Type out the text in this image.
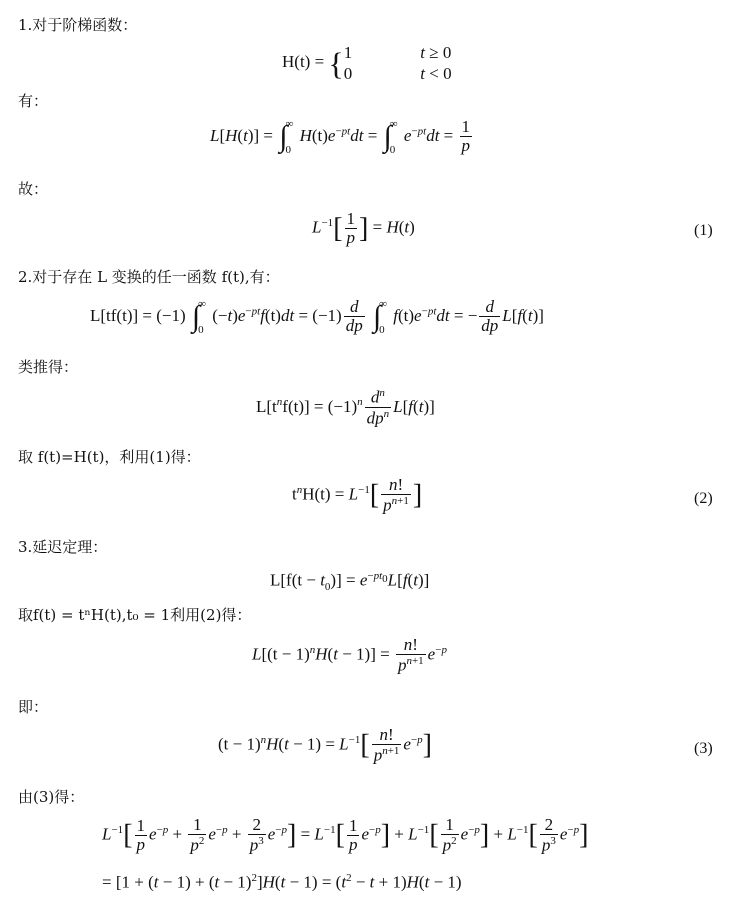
1.对于阶梯函数：
H(t) = { 1                t ≥ 0
0                t < 0
有：
L[H(t)] = ∫
∞
0
$H(t)e^{-pt}dt$ = ∫
∞
0
$e^{-pt}dt = \frac{1}{p}$
故：
$L^{-1}[ \frac{1}{p}$ ] = H(t)	(1)
2.对于存在 L 变换的任一函数 f(t),有：
L[tf(t)] = (−1) ∫
∞
0
$(-t)e^{-pt}f(t)dt = (-1) \frac{d}{dp}$ ∫
∞
0
$f(t)e^{-pt}dt$ = − $\frac{d}{dp} L[f(t)]$
类推得：
$L[t^nf(t)] = (-1)^n \frac{d^n}{dp^n} L[f(t)]$
取 f(t)=H(t)，利用(1)得：
$t^nH(t) = L^{-1}[ \frac{n!}{p^{n+1}}$ ]	(2)
3.延迟定理：
$L[f(t - t_0)] = e^{-pt_0}L[f(t)]$
取f(t) = tⁿH(t),t₀ = 1利用(2)得：
$L[(t - 1)^nH(t - 1)] = \frac{n!}{p^{n+1}} e^{-p}$
即：
$(t - 1)^nH(t - 1) = L^{-1}[ \frac{n!}{p^{n+1}} e^{-p}]$	(3)
由(3)得：
$L^{-1}[ \frac{1}{p} e^{-p} + \frac{1}{p^2} e^{-p} + \frac{2}{p^3} e^{-p}] = L^{-1}[ \frac{1}{p} e^{-p}] + L^{-1}[ \frac{1}{p^2} e^{-p}] + L^{-1}[ \frac{2}{p^3} e^{-p}]$
= $[1 + (t - 1) + (t - 1)^2]H(t - 1) = (t^2 - t + 1)H(t - 1)$
